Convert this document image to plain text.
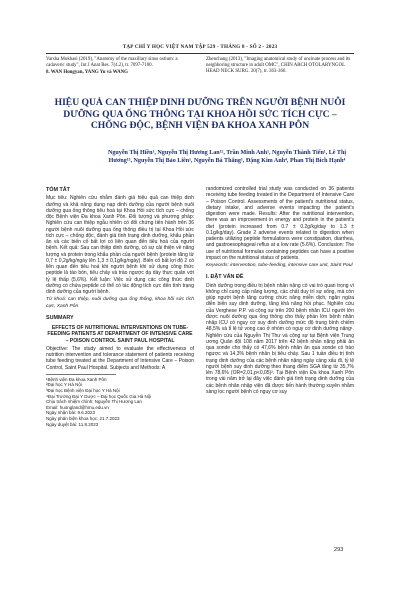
TẠP CHÍ Y HỌC VIỆT NAM TẬP 529 - THÁNG 8 - SỐ 2 - 2023
Varsha Mokhasi (2019), "Anatomy of the maxillary sinus ostium: a cadaveric study", Int J Anat Res. 7(4.2), tr. 7097-7100.
8. WAN Hongyan, YANG Yu và WANG
Zhenchang (2013), "Imaging anatomical study of uncinate process and its neighboring structure in adult OMC", CHIN ARCH OTOLARYNGOL HEAD NECK SURG. 20(7), tr. 363-366.
HIỆU QUẢ CAN THIỆP DINH DƯỠNG TRÊN NGƯỜI BỆNH NUÔI DƯỠNG QUA ỐNG THÔNG TẠI KHOA HỒI SỨC TÍCH CỰC – CHỐNG ĐỘC, BỆNH VIỆN ĐA KHOA XANH PÔN
Nguyễn Thị Hiền¹, Nguyễn Thị Hương Lan¹², Trần Minh Anh¹, Nguyễn Thành Tiến¹, Lê Thị Hương¹³, Nguyễn Thị Bảo Liên¹, Nguyễn Bá Thắng¹, Đặng Kim Anh⁴, Phan Thị Bích Hạnh⁴
TÓM TẮT
Mục tiêu: Nghiên cứu nhằm đánh giá hiệu quả can thiệp dinh dưỡng và khả năng dung nạp dinh dưỡng của người bệnh nuôi dưỡng qua ống thông tiêu hoá tại Khoa Hồi sức tích cực – chống độc Bệnh viện Đa khoa Xanh Pôn. Đối tượng và phương pháp: Nghiên cứu can thiệp ngẫu nhiên có đối chứng tiến hành trên 36 người bệnh nuôi dưỡng qua ống thông điều trị tại Khoa Hồi sức tích cực – chống độc, đánh giá tình trạng dinh dưỡng, khẩu phần ăn và các biến cố bất lợi có liên quan đến tiêu hoá của người bệnh. Kết quả: Sau can thiệp dinh dưỡng, có sự cải thiện về năng lượng và protein trong khẩu phần của người bệnh (protein tăng từ 0,7 ± 0,2g/kg/ngày lên 1,3 ± 0,1g/kg/ngày). Biến cố bất lợi độ 2 có liên quan đến tiêu hoá khi người bệnh khi sử dụng công thức peptide là táo bón, tiêu chảy và trào ngược dạ dày thực quản với tỷ lệ thấp (5,6%). Kết luận: Việc sử dụng các công thức dinh dưỡng có chứa peptide có thể có tác động tích cực đến tình trạng dinh dưỡng của người bệnh.
Từ khoá: can thiệp, nuôi dưỡng qua ống thông, khoa hồi sức tích cực, Xanh Pôn
SUMMARY
EFFECTS OF NUTRITIONAL INTERVENTIONS ON TUBE-FEEDING PATIENTS AT DEPARTMENT OF INTENSIVE CARE – POISON CONTROL SAINT PAUL HOSPITAL
Objective: The study aimed to evaluate the effectiveness of nutrition intervention and tolerance statement of patients receiving tube feeding treated at the Department of Intensive Care – Poison Control, Saint Paul Hospital. Subjects and Methods: A
¹Bệnh viện Đa khoa Xanh Pôn
²Đại học Y Hà Nội
³Đại học Bệnh viện Đại học Y Hà Nội
⁴Đại Trường Đại Y Dược – Đại học Quốc Gia Hà Nội
Chịu trách nhiệm chính: Nguyễn Thị Hương Lan
Email: huongland@hmu.edu.vn
Ngày nhận bài: 9.6.2023
Ngày phản biện khoa học: 21.7.2023
Ngày duyệt bài: 11.8.2023
randomized controlled trial study was conducted on 36 patients receiving tube feeding treated in the Department of Intensive Care – Poison Control. Assessments of the patient's nutritional status, dietary intake, and adverse events impacting the patient's digestion were made. Results: After the nutritional intervention, there was an improvement in energy and protein in the patient's diet (protein increased from 0.7 ± 0.2g/kg/day to 1.3 ± 0.1g/kg/day). Grade 2 adverse events related to digestion when patients utilizing peptide formulations were constipation, diarrhea, and gastroesophageal reflux at a low rate (5.6%). Conclusion: The use of nutritional formulas containing peptides can have a positive impact on the nutritional status of patients.
Keywords: intervention, tube-feeding, intensive care unit, Saint Paul
I. ĐẶT VẤN ĐỀ
Dinh dưỡng trong điều trị bệnh nhân nặng có vai trò quan trọng vì không chỉ cung cấp năng lượng, các chất duy trì sự sống, mà còn giúp người bệnh tăng cường chức năng miễn dịch, ngăn ngừa diễn biến suy dinh dưỡng, tăng khả năng hồi phục. Nghiên cứu của Verghese P.P. và cộng sự trên 200 bệnh nhân ICU người lớn được nuôi dưỡng qua ống thông cho thấy phần lớn bệnh nhân nhập ICU có nguy cơ suy dinh dưỡng mức độ trung bình chiếm 48,5% và tỉ lệ tử vong cao ở nhóm có nguy cơ dinh dưỡng nặng¹. Nghiên cứu của Nguyễn Thị Thư và cộng sự tại Bệnh viện Trung ương Quân đội 108 năm 2017 trên 42 bệnh nhân nặng phải ăn qua sonde cho thấy có 47,6% bệnh nhân ăn qua sonde có trào ngược và 14,3% bệnh nhân bị tiêu chảy. Sau 1 tuần điều trị tình trạng dinh dưỡng của các bệnh nhân nặng ngày càng xấu đi, tỷ lệ người bệnh suy dinh dưỡng theo thang điểm SGA tăng từ 35,7% lên 78,6% (OR=2,01,p<0,05)². Tại Bệnh viện Đa khoa Xanh Pôn trong vài năm trở lại đây việc đánh giá tình trạng dinh dưỡng của các bệnh nhân nhập viện đã được tiến hành thường xuyên nhằm sàng lọc người bệnh có nguy cơ suy
293
